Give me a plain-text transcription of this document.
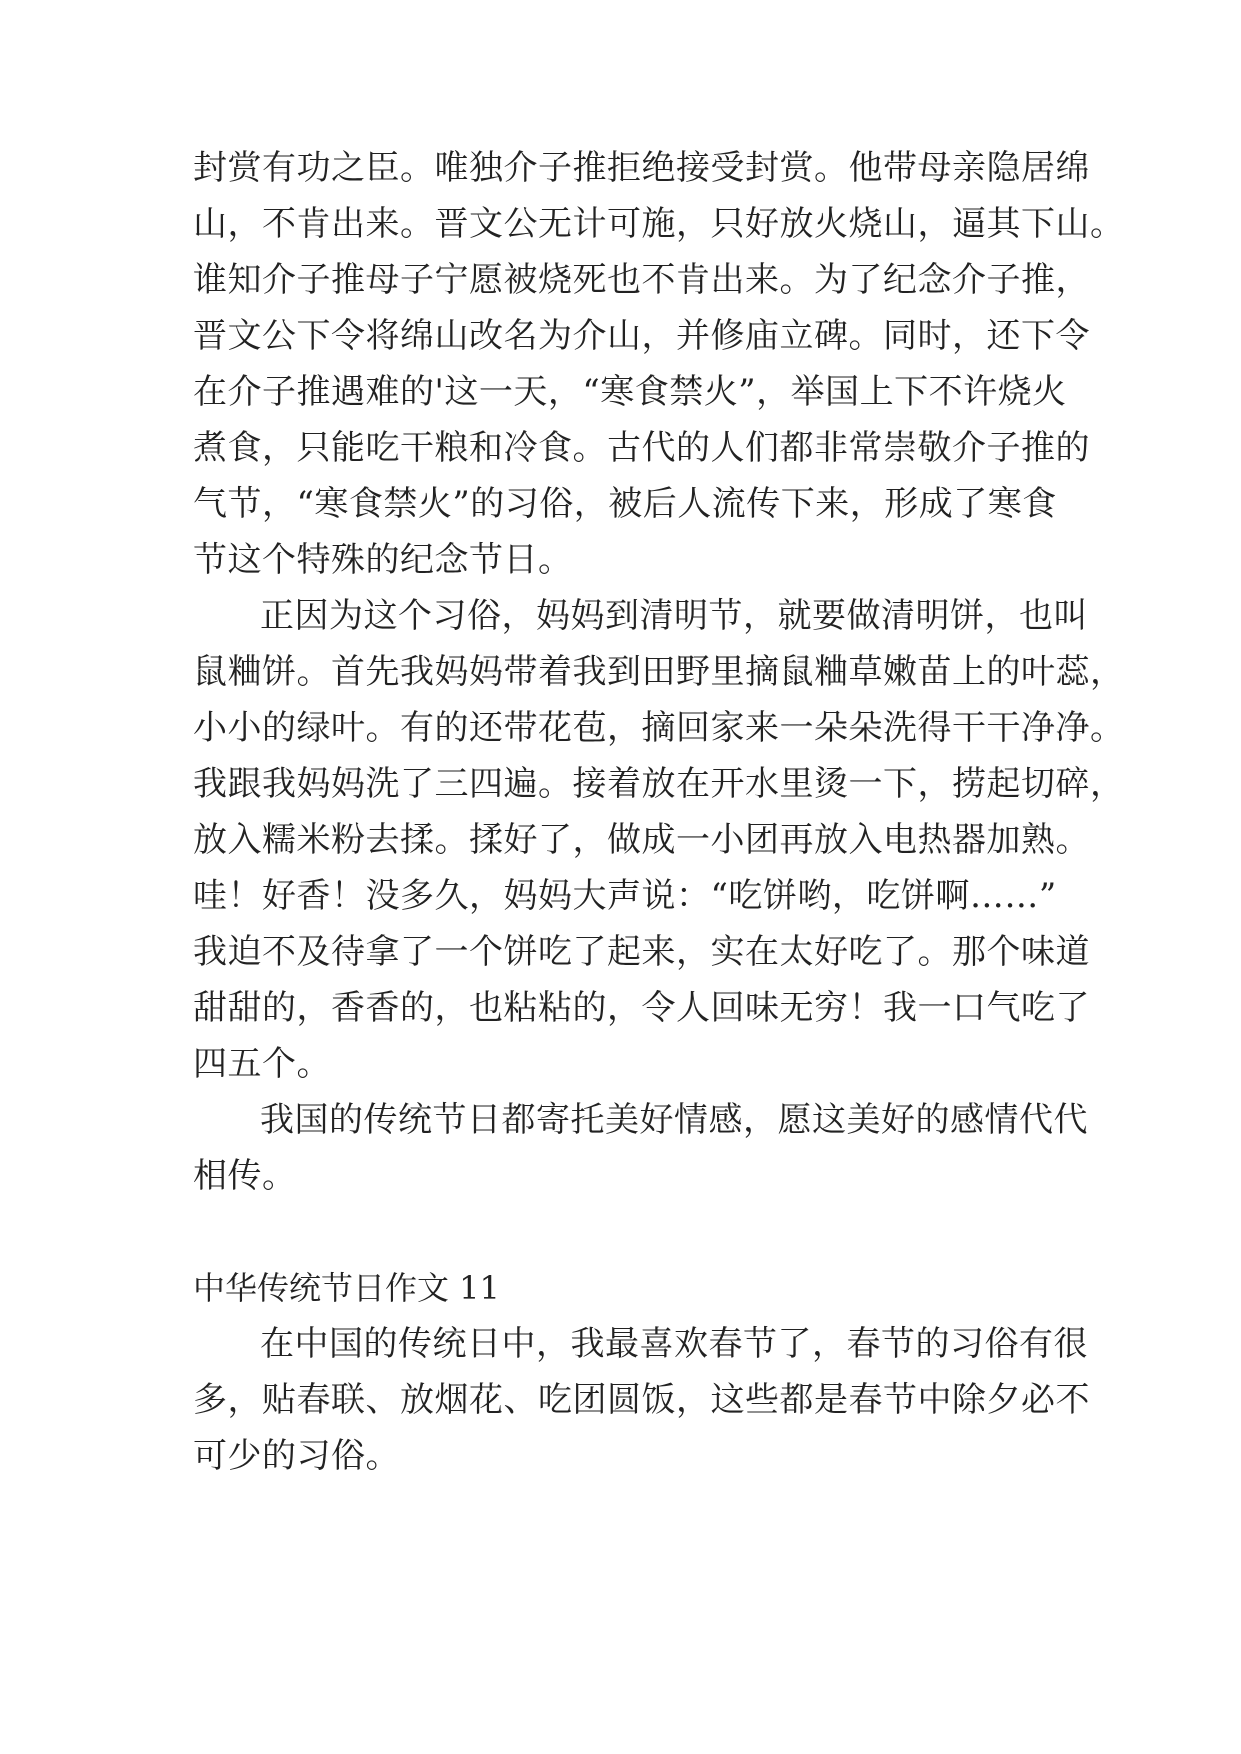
封赏有功之臣。唯独介子推拒绝接受封赏。他带母亲隐居绵
山，不肯出来。晋文公无计可施，只好放火烧山，逼其下山。
谁知介子推母子宁愿被烧死也不肯出来。为了纪念介子推，
晋文公下令将绵山改名为介山，并修庙立碑。同时，还下令
在介子推遇难的'这一天，“寒食禁火”，举国上下不许烧火
煮食，只能吃干粮和冷食。古代的人们都非常崇敬介子推的
气节，“寒食禁火”的习俗，被后人流传下来，形成了寒食
节这个特殊的纪念节日。
正因为这个习俗，妈妈到清明节，就要做清明饼，也叫
鼠粬饼。首先我妈妈带着我到田野里摘鼠粬草嫩苗上的叶蕊，
小小的绿叶。有的还带花苞，摘回家来一朵朵洗得干干净净。
我跟我妈妈洗了三四遍。接着放在开水里烫一下，捞起切碎，
放入糯米粉去揉。揉好了，做成一小团再放入电热器加熟。
哇！好香！没多久，妈妈大声说：“吃饼哟，吃饼啊……”
我迫不及待拿了一个饼吃了起来，实在太好吃了。那个味道
甜甜的，香香的，也粘粘的，令人回味无穷！我一口气吃了
四五个。
我国的传统节日都寄托美好情感，愿这美好的感情代代
相传。
中华传统节日作文 11
在中国的传统日中，我最喜欢春节了，春节的习俗有很
多，贴春联、放烟花、吃团圆饭，这些都是春节中除夕必不
可少的习俗。
